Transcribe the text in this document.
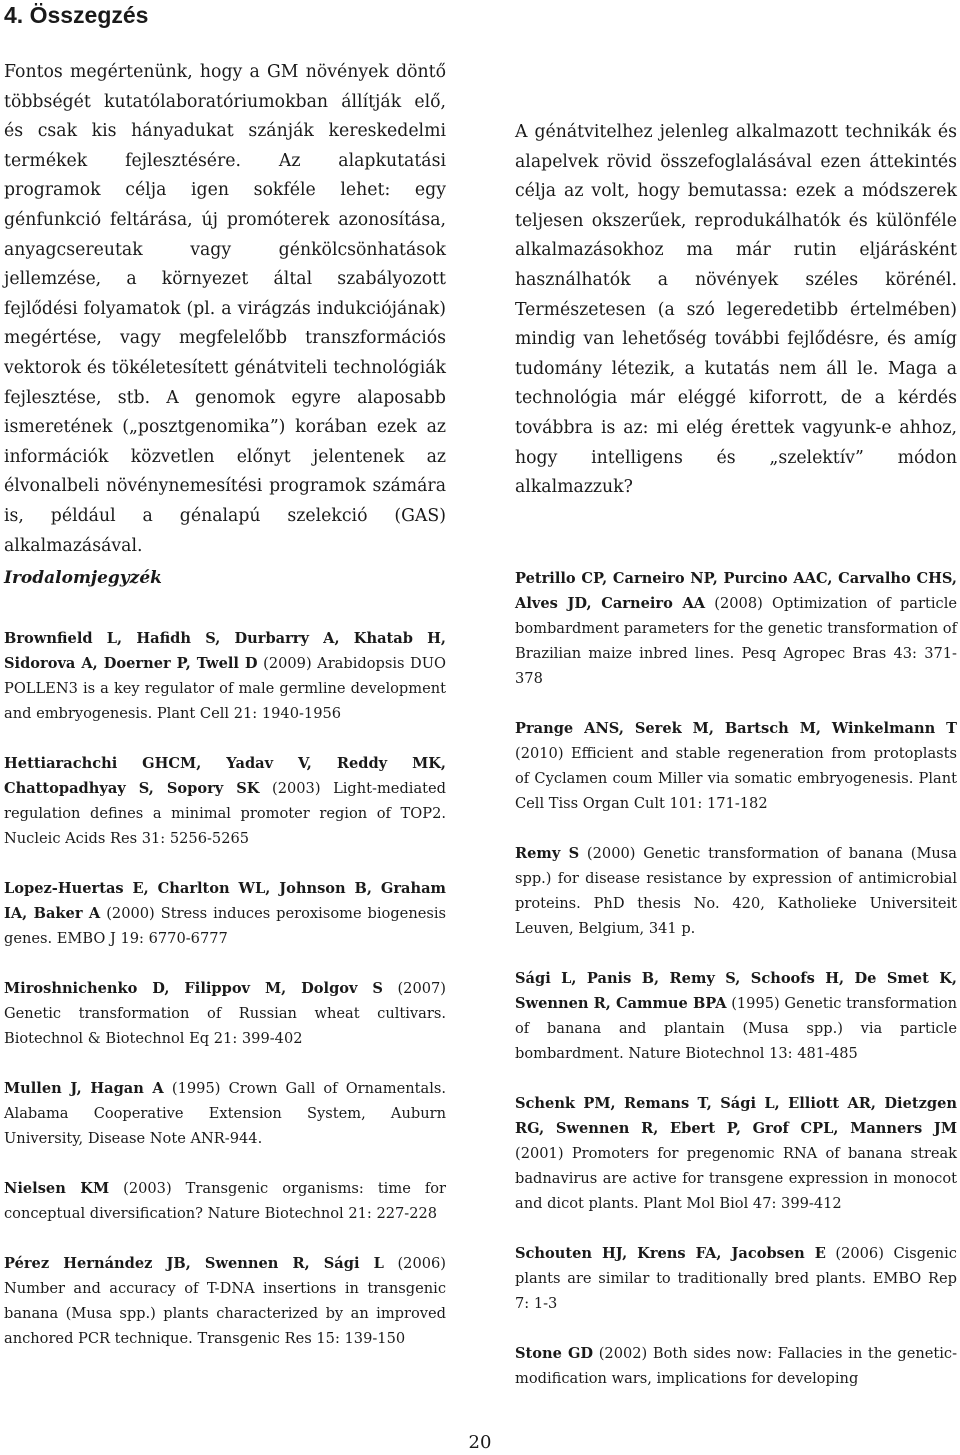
4. Összegzés

Fontos megértenünk, hogy a GM növények döntő többségét kutatólaboratóriumokban állítják elő, és csak kis hányadukat szánják kereskedelmi termékek fejlesztésére. Az alapkutatási programok célja igen sokféle lehet: egy génfunkció feltárása, új promóterek azonosítása, anyagcsereutak vagy génkölcsönhatások jellemzése, a környezet által szabályozott fejlődési folyamatok (pl. a virágzás indukciójának) megértése, vagy megfelelőbb transzformációs vektorok és tökéletesített génátviteli technológiák fejlesztése, stb. A genomok egyre alaposabb ismeretének („posztgenomika”) korában ezek az információk közvetlen előnyt jelentenek az élvonalbeli növénynemesítési programok számára is, például a génalapú szelekció (GAS) alkalmazásával.

A génátvitelhez jelenleg alkalmazott technikák és alapelvek rövid összefoglalásával ezen áttekintés célja az volt, hogy bemutassa: ezek a módszerek teljesen okszerűek, reprodukálhatók és különféle alkalmazásokhoz ma már rutin eljárásként használhatók a növények széles körénél. Természetesen (a szó legeredetibb értelmében) mindig van lehetőség további fejlődésre, és amíg tudomány létezik, a kutatás nem áll le. Maga a technológia már eléggé kiforrott, de a kérdés továbbra is az: mi elég érettek vagyunk-e ahhoz, hogy intelligens és „szelektív” módon alkalmazzuk?

Irodalomjegyzék

Brownfield L, Hafidh S, Durbarry A, Khatab H, Sidorova A, Doerner P, Twell D (2009) Arabidopsis DUO POLLEN3 is a key regulator of male germline development and embryogenesis. Plant Cell 21: 1940-1956

Hettiarachchi GHCM, Yadav V, Reddy MK, Chattopadhyay S, Sopory SK (2003) Light-mediated regulation defines a minimal promoter region of TOP2. Nucleic Acids Res 31: 5256-5265

Lopez-Huertas E, Charlton WL, Johnson B, Graham IA, Baker A (2000) Stress induces peroxisome biogenesis genes. EMBO J 19: 6770-6777

Miroshnichenko D, Filippov M, Dolgov S (2007) Genetic transformation of Russian wheat cultivars. Biotechnol & Biotechnol Eq 21: 399-402

Mullen J, Hagan A (1995) Crown Gall of Ornamentals. Alabama Cooperative Extension System, Auburn University, Disease Note ANR-944.

Nielsen KM (2003) Transgenic organisms: time for conceptual diversification? Nature Biotechnol 21: 227-228

Pérez Hernández JB, Swennen R, Sági L (2006) Number and accuracy of T-DNA insertions in transgenic banana (Musa spp.) plants characterized by an improved anchored PCR technique. Transgenic Res 15: 139-150

Petrillo CP, Carneiro NP, Purcino AAC, Carvalho CHS, Alves JD, Carneiro AA (2008) Optimization of particle bombardment parameters for the genetic transformation of Brazilian maize inbred lines. Pesq Agropec Bras 43: 371-378

Prange ANS, Serek M, Bartsch M, Winkelmann T (2010) Efficient and stable regeneration from protoplasts of Cyclamen coum Miller via somatic embryogenesis. Plant Cell Tiss Organ Cult 101: 171-182

Remy S (2000) Genetic transformation of banana (Musa spp.) for disease resistance by expression of antimicrobial proteins. PhD thesis No. 420, Katholieke Universiteit Leuven, Belgium, 341 p.

Sági L, Panis B, Remy S, Schoofs H, De Smet K, Swennen R, Cammue BPA (1995) Genetic transformation of banana and plantain (Musa spp.) via particle bombardment. Nature Biotechnol 13: 481-485

Schenk PM, Remans T, Sági L, Elliott AR, Dietzgen RG, Swennen R, Ebert P, Grof CPL, Manners JM (2001) Promoters for pregenomic RNA of banana streak badnavirus are active for transgene expression in monocot and dicot plants. Plant Mol Biol 47: 399-412

Schouten HJ, Krens FA, Jacobsen E (2006) Cisgenic plants are similar to traditionally bred plants. EMBO Rep 7: 1-3

Stone GD (2002) Both sides now: Fallacies in the genetic-modification wars, implications for developing

20
